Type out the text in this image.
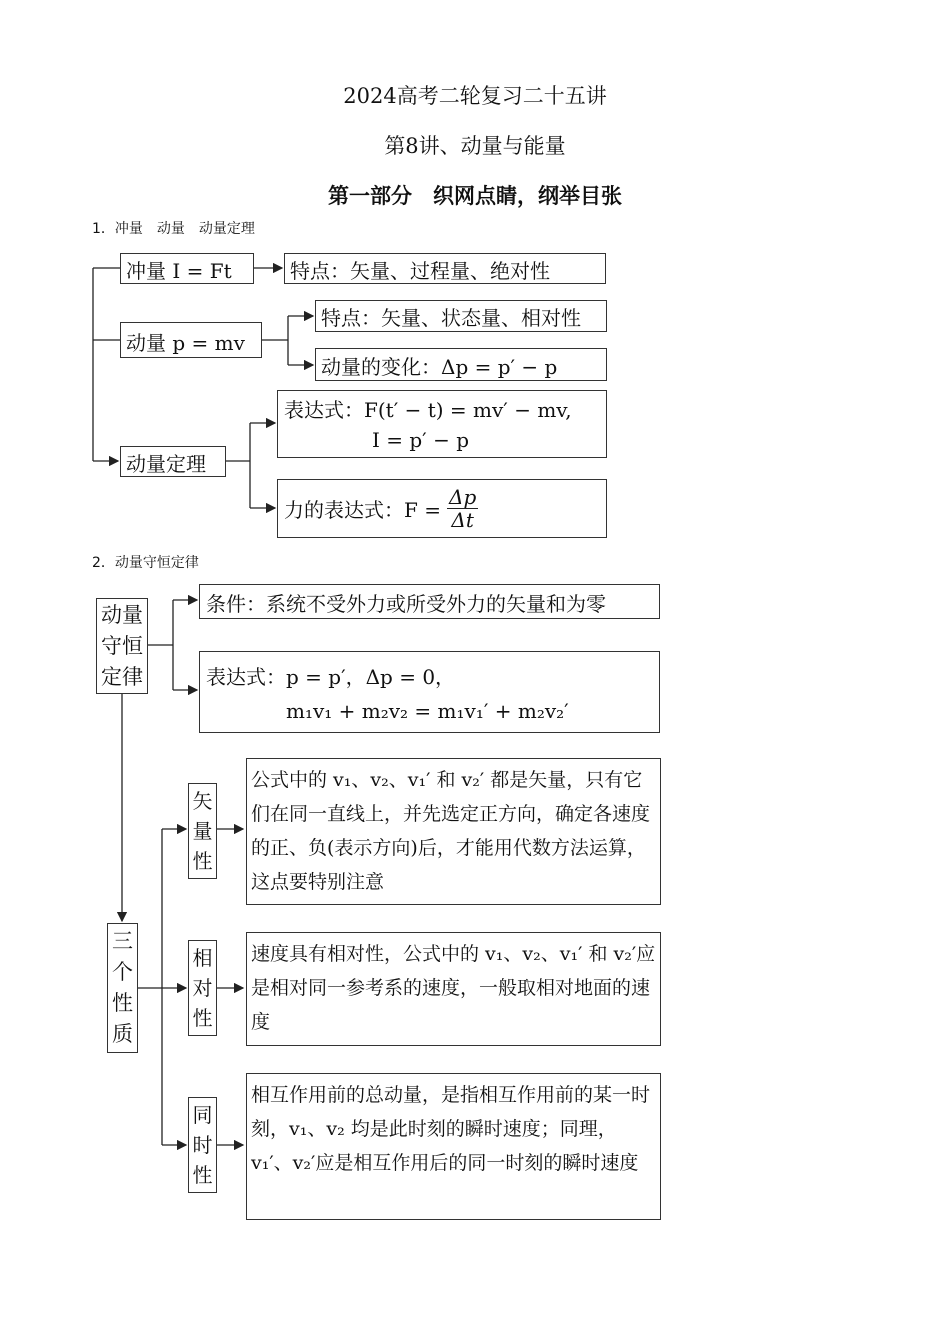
2024高考二轮复习二十五讲
第8讲、动量与能量
第一部分　织网点睛，纲举目张
1．冲量　动量　动量定理
冲量 I = Ft	特点：矢量、过程量、绝对性
动量 p = mv
特点：矢量、状态量、相对性
动量的变化：Δp = p′ − p
动量定理
表达式：F(t′ − t) = mv′ − mv,
I = p′ − p
力的表达式：$F = \frac{\Delta p}{\Delta t}$
2．动量守恒定律
动量守恒定律
条件：系统不受外力或所受外力的矢量和为零
表达式：p = p′，Δp = 0，
m₁v₁ + m₂v₂ = m₁v₁′ + m₂v₂′
三个性质
矢量性
公式中的 v₁、v₂、v₁′ 和 v₂′ 都是矢量，只有它们在同一直线上，并先选定正方向，确定各速度的正、负(表示方向)后，才能用代数方法运算，这点要特别注意
相对性
速度具有相对性，公式中的 v₁、v₂、v₁′ 和 v₂′应是相对同一参考系的速度，一般取相对地面的速度
同时性
相互作用前的总动量，是指相互作用前的某一时刻，v₁、v₂ 均是此时刻的瞬时速度；同理，v₁′、v₂′应是相互作用后的同一时刻的瞬时速度
